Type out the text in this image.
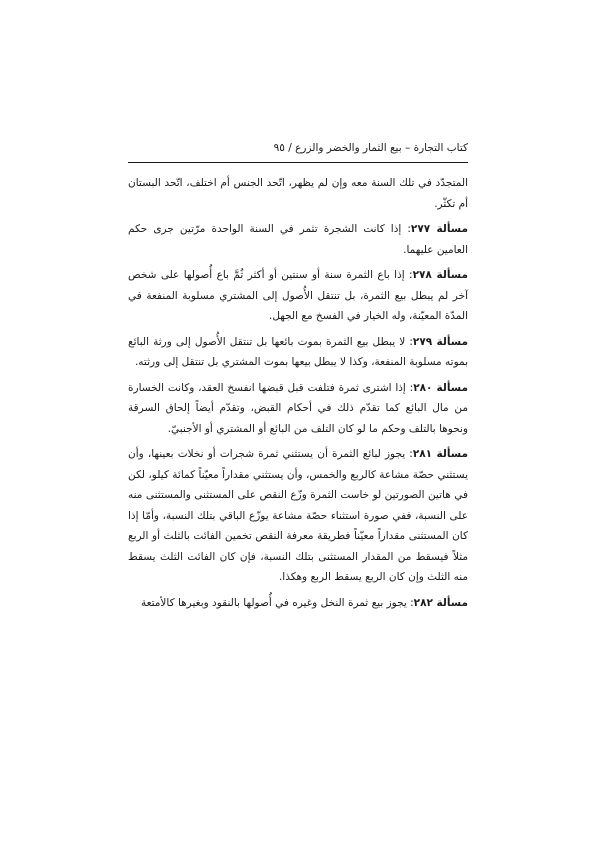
كتاب التجارة – بيع الثمار والخضر والزرع / ٩٥

المتجدّد في تلك السنة معه وإن لم يظهر، اتّحد الجنس أم اختلف، اتّحد البستان أم تكثّر.

مسألة ٢٧٧: إذا كانت الشجرة تثمر في السنة الواحدة مرّتين جرى حكم العامين عليهما.

مسألة ٢٧٨: إذا باع الثمرة سنة أو سنتين أو أكثر ثُمَّ باع أُصولها على شخص آخر لم يبطل بيع الثمرة، بل تنتقل الأُصول إلى المشتري مسلوبة المنفعة في المدّة المعيّنة، وله الخيار في الفسخ مع الجهل.

مسألة ٢٧٩: لا يبطل بيع الثمرة بموت بائعها بل تنتقل الأُصول إلى ورثة البائع بموته مسلوبة المنفعة، وكذا لا يبطل بيعها بموت المشتري بل تنتقل إلى ورثته.

مسألة ٢٨٠: إذا اشترى ثمرة فتلفت قبل قبضها انفسخ العقد، وكانت الخسارة من مال البائع كما تقدّم ذلك في أحكام القبض، وتقدّم أيضاً إلحاق السرقة ونحوها بالتلف وحكم ما لو كان التلف من البائع أو المشتري أو الأجنبيّ.

مسألة ٢٨١: يجوز لبائع الثمرة أن يستثني ثمرة شجرات أو نخلات بعينها، وأن يستثني حصّة مشاعة كالربع والخمس، وأن يستثني مقداراً معيّناً كمائة كيلو، لكن في هاتين الصورتين لو خاست الثمرة وزّع النقص على المستثنى والمستثنى منه على النسبة، ففي صورة استثناء حصّة مشاعة يوزّع الباقي بتلك النسبة، وأمّا إذا كان المستثنى مقداراً معيّناً فطريقة معرفة النقص تخمين الفائت بالثلث أو الربع مثلاً فيسقط من المقدار المستثنى بتلك النسبة، فإن كان الفائت الثلث يسقط منه الثلث وإن كان الربع يسقط الربع وهكذا.

مسألة ٢٨٢: يجوز بيع ثمرة النخل وغيره في أُصولها بالنقود وبغيرها كالأمتعة
